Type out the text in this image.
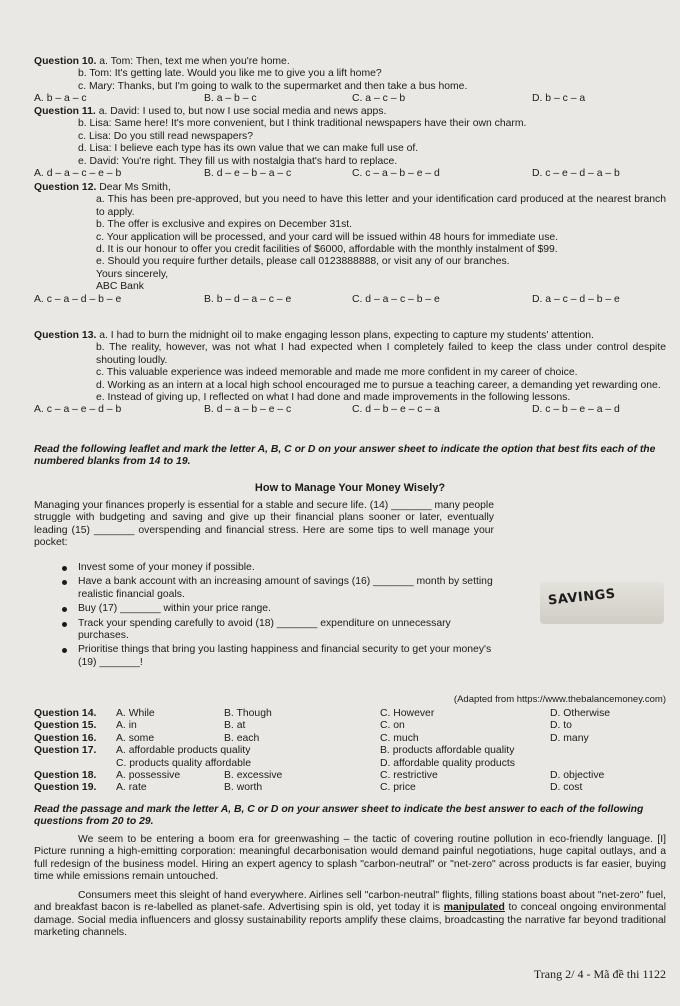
Question 10. a. Tom: Then, text me when you're home.
b. Tom: It's getting late. Would you like me to give you a lift home?
c. Mary: Thanks, but I'm going to walk to the supermarket and then take a bus home.
A. b – a – c	B. a – b – c	C. a – c – b	D. b – c – a
Question 11. a. David: I used to, but now I use social media and news apps.
b. Lisa: Same here! It's more convenient, but I think traditional newspapers have their own charm.
c. Lisa: Do you still read newspapers?
d. Lisa: I believe each type has its own value that we can make full use of.
e. David: You're right. They fill us with nostalgia that's hard to replace.
A. d – a – c – e – b	B. d – e – b – a – c	C. c – a – b – e – d	D. c – e – d – a – b
Question 12. Dear Ms Smith,
a. This has been pre-approved, but you need to have this letter and your identification card produced at the nearest branch to apply.
b. The offer is exclusive and expires on December 31st.
c. Your application will be processed, and your card will be issued within 48 hours for immediate use.
d. It is our honour to offer you credit facilities of $6000, affordable with the monthly instalment of $99.
e. Should you require further details, please call 0123888888, or visit any of our branches.
Yours sincerely,
ABC Bank
A. c – a – d – b – e	B. b – d – a – c – e	C. d – a – c – b – e	D. a – c – d – b – e
Question 13. a. I had to burn the midnight oil to make engaging lesson plans, expecting to capture my students' attention.
b. The reality, however, was not what I had expected when I completely failed to keep the class under control despite shouting loudly.
c. This valuable experience was indeed memorable and made me more confident in my career of choice.
d. Working as an intern at a local high school encouraged me to pursue a teaching career, a demanding yet rewarding one.
e. Instead of giving up, I reflected on what I had done and made improvements in the following lessons.
A. c – a – e – d – b	B. d – a – b – e – c	C. d – b – e – c – a	D. c – b – e – a – d
Read the following leaflet and mark the letter A, B, C or D on your answer sheet to indicate the option that best fits each of the numbered blanks from 14 to 19.
How to Manage Your Money Wisely?
Managing your finances properly is essential for a stable and secure life. (14) _______ many people struggle with budgeting and saving and give up their financial plans sooner or later, eventually leading (15) _______ overspending and financial stress. Here are some tips to well manage your pocket:
Invest some of your money if possible.
Have a bank account with an increasing amount of savings (16) _______ month by setting realistic financial goals.
Buy (17) _______ within your price range.
Track your spending carefully to avoid (18) _______ expenditure on unnecessary purchases.
Prioritise things that bring you lasting happiness and financial security to get your money's (19) _______!
SAVINGS
(Adapted from https://www.thebalancemoney.com)
Question 14. A. While	B. Though	C. However	D. Otherwise
Question 15. A. in	B. at	C. on	D. to
Question 16. A. some	B. each	C. much	D. many
Question 17. A. affordable products quality	B. products affordable quality
C. products quality affordable	D. affordable quality products
Question 18. A. possessive	B. excessive	C. restrictive	D. objective
Question 19. A. rate	B. worth	C. price	D. cost
Read the passage and mark the letter A, B, C or D on your answer sheet to indicate the best answer to each of the following questions from 20 to 29.
We seem to be entering a boom era for greenwashing – the tactic of covering routine pollution in eco-friendly language. [I] Picture running a high-emitting corporation: meaningful decarbonisation would demand painful negotiations, huge capital outlays, and a full redesign of the business model. Hiring an expert agency to splash "carbon-neutral" or "net-zero" across products is far easier, buying time while emissions remain untouched.
Consumers meet this sleight of hand everywhere. Airlines sell "carbon-neutral" flights, filling stations boast about "net-zero" fuel, and breakfast bacon is re-labelled as planet-safe. Advertising spin is old, yet today it is manipulated to conceal ongoing environmental damage. Social media influencers and glossy sustainability reports amplify these claims, broadcasting the narrative far beyond traditional marketing channels.
Trang 2/ 4 - Mã đề thi 1122
